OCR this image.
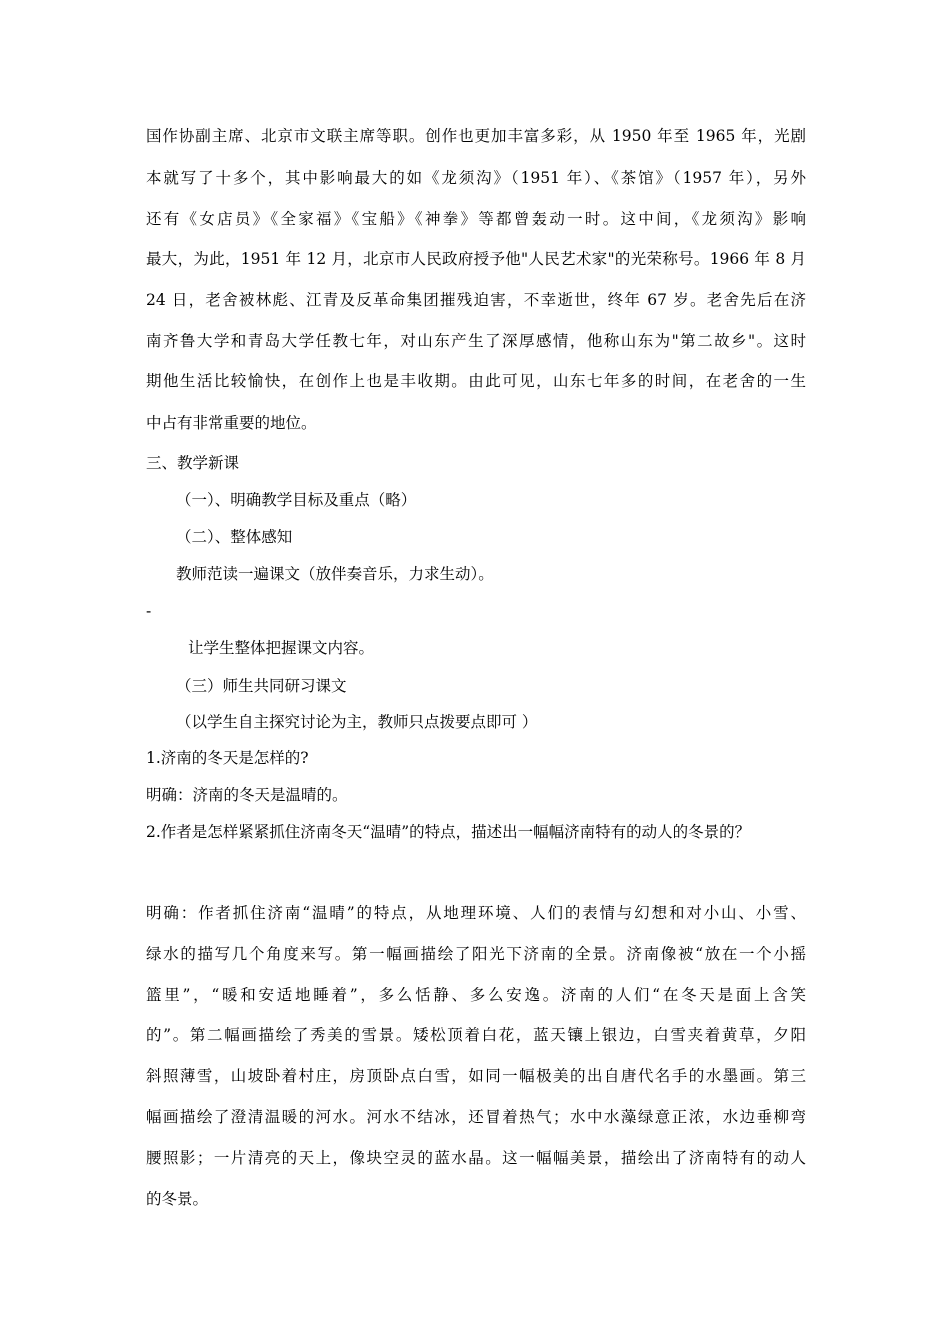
国作协副主席、北京市文联主席等职。创作也更加丰富多彩，从 1950 年至 1965 年，光剧
本就写了十多个，其中影响最大的如《龙须沟》（1951 年）、《茶馆》（1957 年），另外
还有《女店员》《全家福》《宝船》《神拳》等都曾轰动一时。这中间，《龙须沟》影响
最大，为此，1951 年 12 月，北京市人民政府授予他"人民艺术家"的光荣称号。1966 年 8 月
24 日，老舍被林彪、江青及反革命集团摧残迫害，不幸逝世，终年 67 岁。老舍先后在济
南齐鲁大学和青岛大学任教七年，对山东产生了深厚感情，他称山东为"第二故乡"。这时
期他生活比较愉快，在创作上也是丰收期。由此可见，山东七年多的时间，在老舍的一生
中占有非常重要的地位。
三、教学新课
（一）、明确教学目标及重点（略）
（二）、整体感知
教师范读一遍课文（放伴奏音乐，力求生动）。
-
让学生整体把握课文内容。
（三）师生共同研习课文
（以学生自主探究讨论为主，教师只点拨要点即可 ）
1.济南的冬天是怎样的?
明确：济南的冬天是温晴的。
2.作者是怎样紧紧抓住济南冬天“温晴”的特点，描述出一幅幅济南特有的动人的冬景的？
明确：作者抓住济南“温晴”的特点，从地理环境、人们的表情与幻想和对小山、小雪、
绿水的描写几个角度来写。第一幅画描绘了阳光下济南的全景。济南像被“放在一个小摇
篮里”，“暖和安适地睡着”，多么恬静、多么安逸。济南的人们“在冬天是面上含笑
的”。第二幅画描绘了秀美的雪景。矮松顶着白花，蓝天镶上银边，白雪夹着黄草，夕阳
斜照薄雪，山坡卧着村庄，房顶卧点白雪，如同一幅极美的出自唐代名手的水墨画。第三
幅画描绘了澄清温暖的河水。河水不结冰，还冒着热气；水中水藻绿意正浓，水边垂柳弯
腰照影；一片清亮的天上，像块空灵的蓝水晶。这一幅幅美景，描绘出了济南特有的动人
的冬景。
